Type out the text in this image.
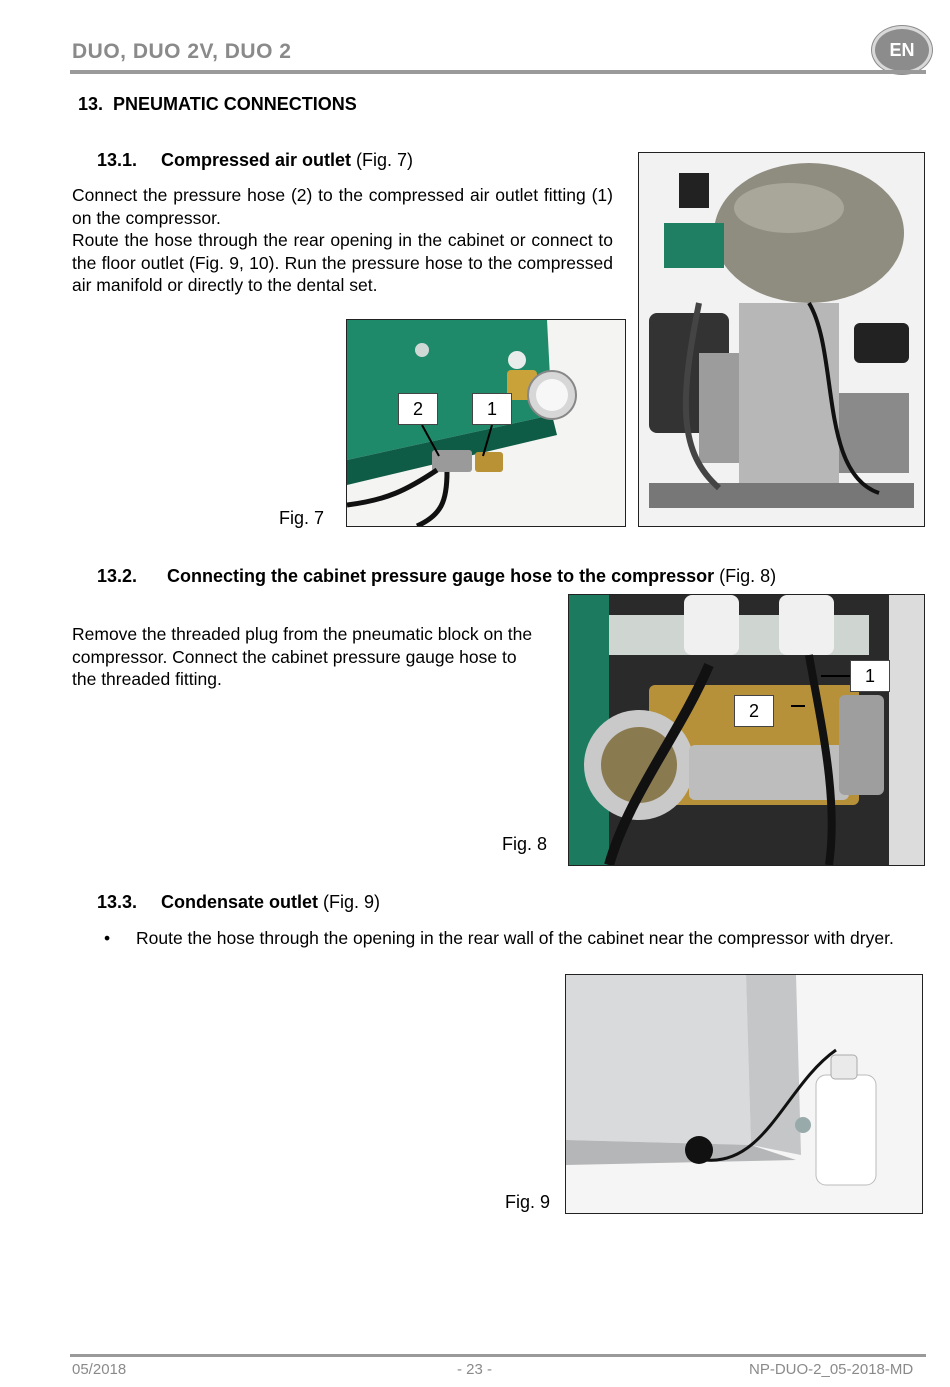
DUO, DUO 2V, DUO 2	EN
13. PNEUMATIC CONNECTIONS
13.1. Compressed air outlet (Fig. 7)
Connect the pressure hose (2) to the compressed air outlet fitting (1) on the compressor.
Route the hose through the rear opening in the cabinet or connect to the floor outlet (Fig. 9, 10). Run the pressure hose to the compressed air manifold or directly to the dental set.
2	1
Fig. 7
13.2. Connecting the cabinet pressure gauge hose to the compressor (Fig. 8)
Remove the threaded plug from the pneumatic block on the compressor. Connect the cabinet pressure gauge hose to the threaded fitting.	1
2
Fig. 8
13.3. Condensate outlet (Fig. 9)
• Route the hose through the opening in the rear wall of the cabinet near the compressor with dryer.
Fig. 9
05/2018	- 23 -	NP-DUO-2_05-2018-MD
